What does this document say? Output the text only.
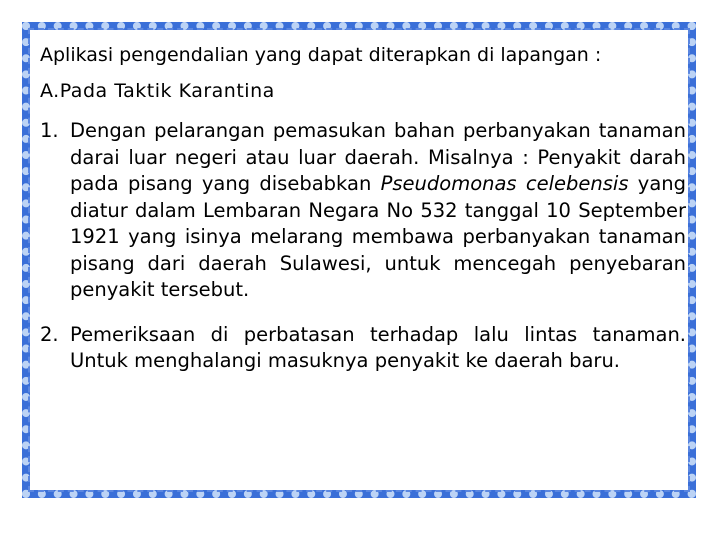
Aplikasi pengendalian yang dapat diterapkan di lapangan :

A.Pada Taktik Karantina

1. Dengan pelarangan pemasukan bahan perbanyakan tanaman darai luar negeri atau luar daerah. Misalnya : Penyakit darah pada pisang yang disebabkan Pseudomonas celebensis yang diatur dalam Lembaran Negara No 532 tanggal 10 September 1921 yang isinya melarang membawa perbanyakan tanaman pisang dari daerah Sulawesi, untuk mencegah penyebaran penyakit tersebut.
2. Pemeriksaan di perbatasan terhadap lalu lintas tanaman. Untuk menghalangi masuknya penyakit ke daerah baru.
